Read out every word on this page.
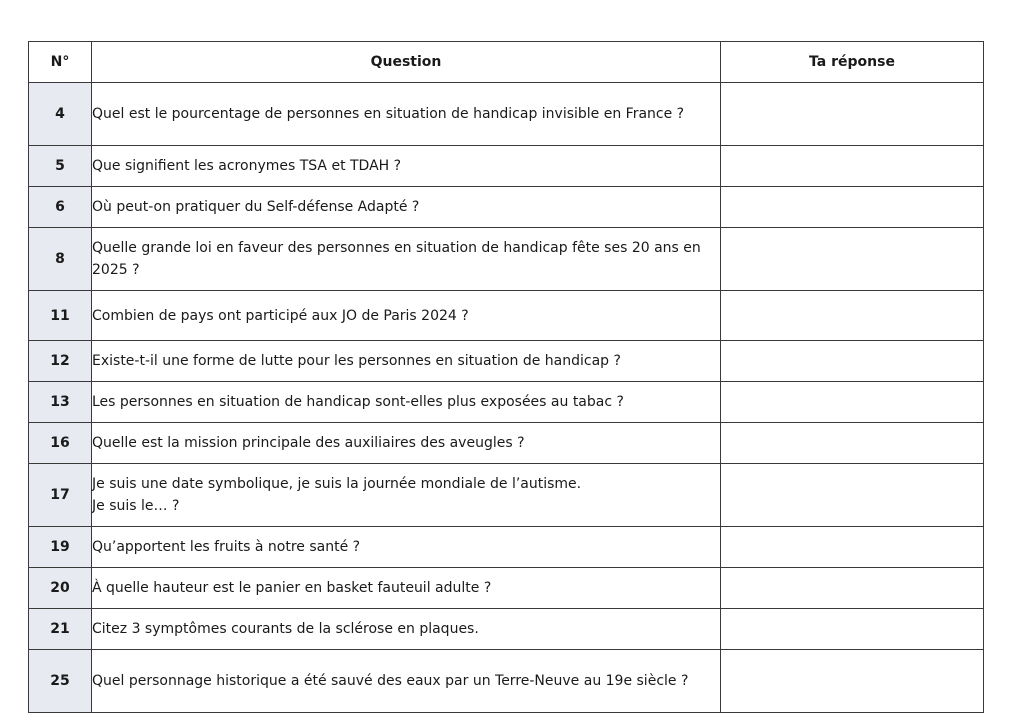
N°	Question	Ta réponse
4	Quel est le pourcentage de personnes en situation de handicap invisible en France ?	
5	Que signifient les acronymes TSA et TDAH ?	
6	Où peut-on pratiquer du Self-défense Adapté ?	
8	Quelle grande loi en faveur des personnes en situation de handicap fête ses 20 ans en 2025 ?	
11	Combien de pays ont participé aux JO de Paris 2024 ?	
12	Existe-t-il une forme de lutte pour les personnes en situation de handicap ?	
13	Les personnes en situation de handicap sont-elles plus exposées au tabac ?	
16	Quelle est la mission principale des auxiliaires des aveugles ?	
17	Je suis une date symbolique, je suis la journée mondiale de l’autisme.
Je suis le… ?	
19	Qu’apportent les fruits à notre santé ?	
20	À quelle hauteur est le panier en basket fauteuil adulte ?	
21	Citez 3 symptômes courants de la sclérose en plaques.	
25	Quel personnage historique a été sauvé des eaux par un Terre-Neuve au 19e siècle ?	
